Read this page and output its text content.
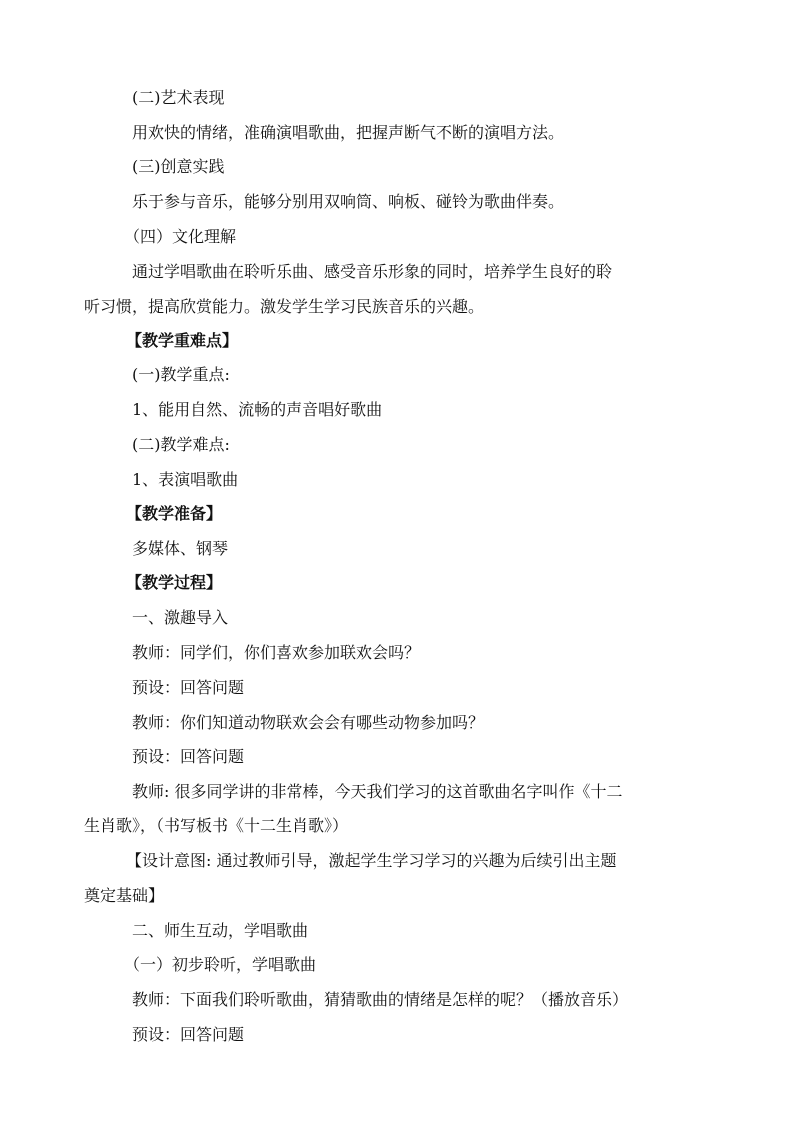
(二)艺术表现
用欢快的情绪，准确演唱歌曲，把握声断气不断的演唱方法。
(三)创意实践
乐于参与音乐，能够分别用双响筒、响板、碰铃为歌曲伴奏。
（四）文化理解
通过学唱歌曲在聆听乐曲、感受音乐形象的同时，培养学生良好的聆
听习惯，提高欣赏能力。激发学生学习民族音乐的兴趣。
【教学重难点】
(一)教学重点:
1、能用自然、流畅的声音唱好歌曲
(二)教学难点:
1、表演唱歌曲
【教学准备】
多媒体、钢琴
【教学过程】
一、激趣导入
教师：同学们，你们喜欢参加联欢会吗？
预设：回答问题
教师：你们知道动物联欢会会有哪些动物参加吗？
预设：回答问题
教师: 很多同学讲的非常棒，今天我们学习的这首歌曲名字叫作《十二
生肖歌》，（书写板书《十二生肖歌》）
【设计意图: 通过教师引导，激起学生学习学习的兴趣为后续引出主题
奠定基础】
二、师生互动，学唱歌曲
（一）初步聆听，学唱歌曲
教师：下面我们聆听歌曲，猜猜歌曲的情绪是怎样的呢？（播放音乐）
预设：回答问题
